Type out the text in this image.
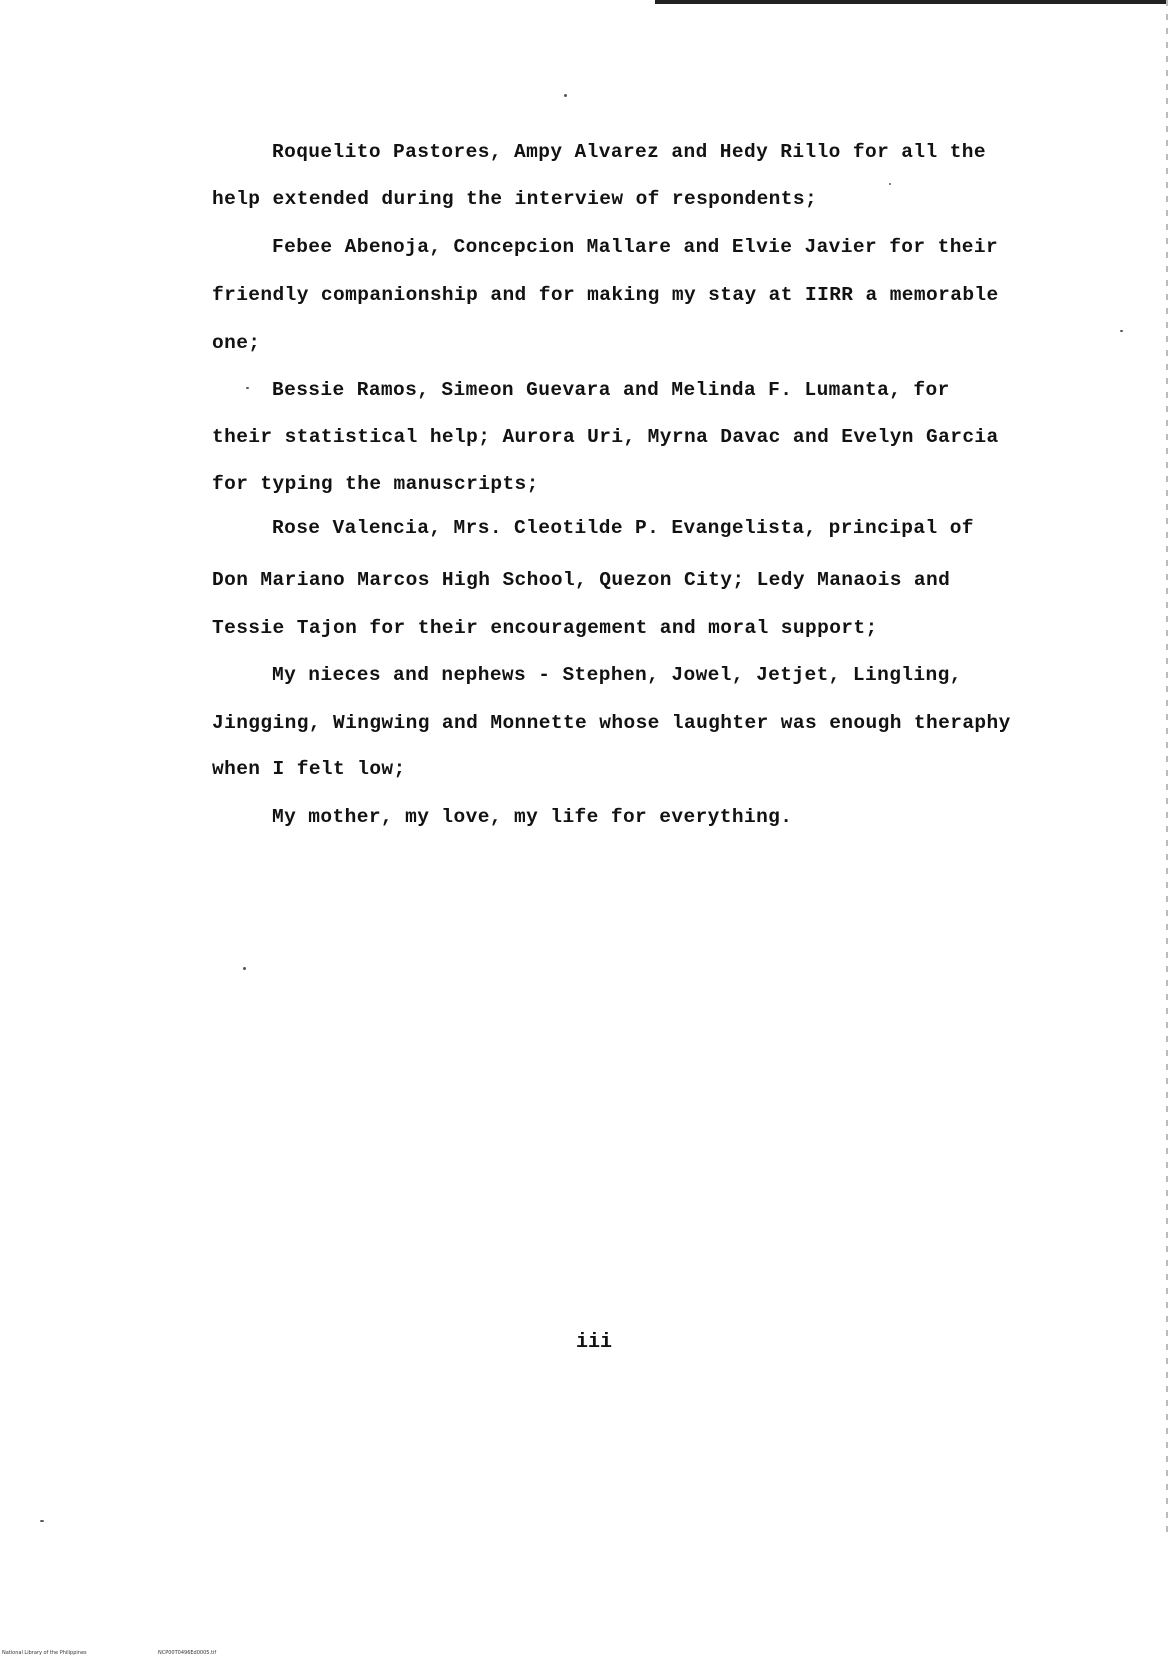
Roquelito Pastores, Ampy Alvarez and Hedy Rillo for all the
help extended during the interview of respondents;
Febee Abenoja, Concepcion Mallare and Elvie Javier for their
friendly companionship and for making my stay at IIRR a memorable
one;
Bessie Ramos, Simeon Guevara and Melinda F. Lumanta, for
their statistical help; Aurora Uri, Myrna Davac and Evelyn Garcia
for typing the manuscripts;
Rose Valencia, Mrs. Cleotilde P. Evangelista, principal of
Don Mariano Marcos High School, Quezon City; Ledy Manaois and
Tessie Tajon for their encouragement and moral support;
My nieces and nephews - Stephen, Jowel, Jetjet, Lingling,
Jingging, Wingwing and Monnette whose laughter was enough theraphy
when I felt low;
My mother, my love, my life for everything.
iii
National Library of the Philippines	NCP00T0496Ed0005.tif
